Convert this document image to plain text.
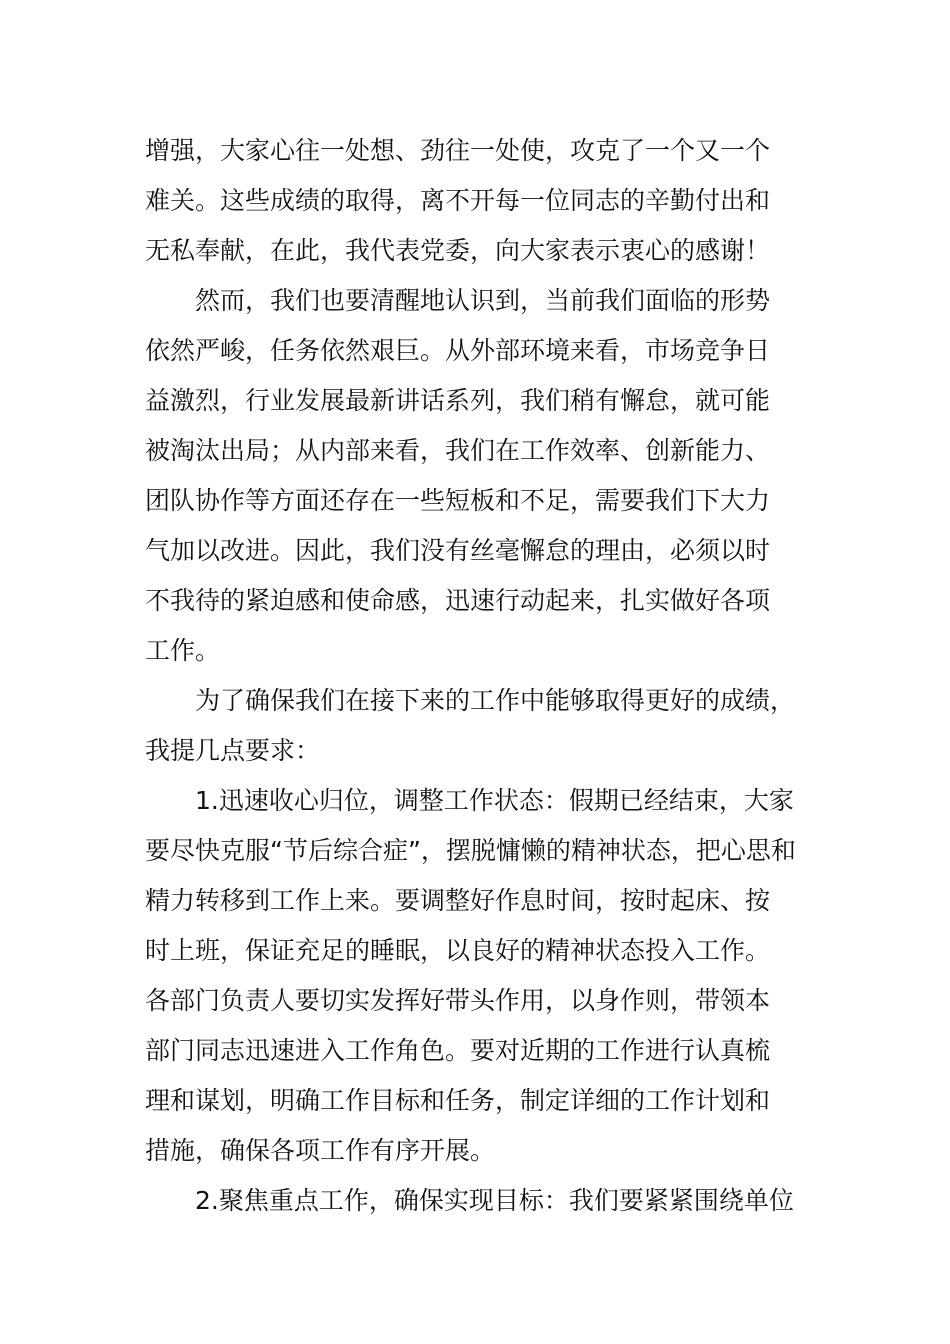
增强，大家心往一处想、劲往一处使，攻克了一个又一个
难关。这些成绩的取得，离不开每一位同志的辛勤付出和
无私奉献，在此，我代表党委，向大家表示衷心的感谢！

然而，我们也要清醒地认识到，当前我们面临的形势
依然严峻，任务依然艰巨。从外部环境来看，市场竞争日
益激烈，行业发展最新讲话系列，我们稍有懈怠，就可能
被淘汰出局；从内部来看，我们在工作效率、创新能力、
团队协作等方面还存在一些短板和不足，需要我们下大力
气加以改进。因此，我们没有丝毫懈怠的理由，必须以时
不我待的紧迫感和使命感，迅速行动起来，扎实做好各项
工作。

为了确保我们在接下来的工作中能够取得更好的成绩，
我提几点要求：

1.迅速收心归位，调整工作状态：假期已经结束，大家
要尽快克服“节后综合症”，摆脱慵懒的精神状态，把心思和
精力转移到工作上来。要调整好作息时间，按时起床、按
时上班，保证充足的睡眠，以良好的精神状态投入工作。
各部门负责人要切实发挥好带头作用，以身作则，带领本
部门同志迅速进入工作角色。要对近期的工作进行认真梳
理和谋划，明确工作目标和任务，制定详细的工作计划和
措施，确保各项工作有序开展。

2.聚焦重点工作，确保实现目标：我们要紧紧围绕单位
